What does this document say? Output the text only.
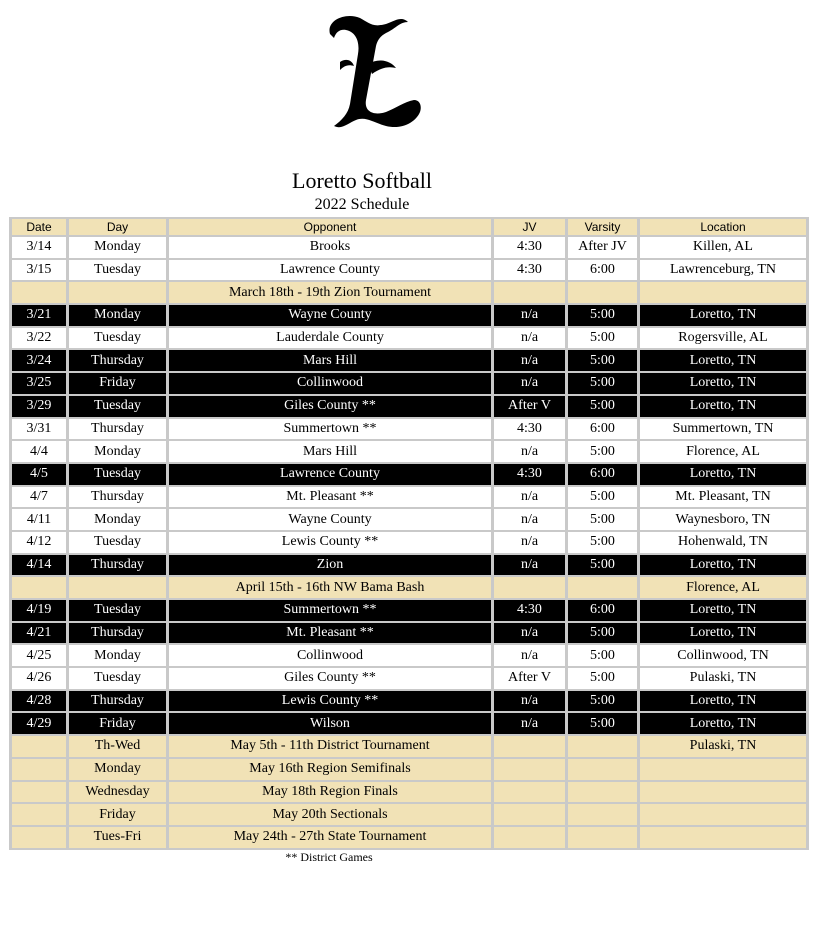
Loretto Softball
2022 Schedule
Date	Day	Opponent	JV	Varsity	Location
3/14	Monday	Brooks	4:30	After JV	Killen, AL
3/15	Tuesday	Lawrence County	4:30	6:00	Lawrenceburg, TN
		March 18th - 19th Zion Tournament			
3/21	Monday	Wayne County	n/a	5:00	Loretto, TN
3/22	Tuesday	Lauderdale County	n/a	5:00	Rogersville, AL
3/24	Thursday	Mars Hill	n/a	5:00	Loretto, TN
3/25	Friday	Collinwood	n/a	5:00	Loretto, TN
3/29	Tuesday	Giles County **	After V	5:00	Loretto, TN
3/31	Thursday	Summertown **	4:30	6:00	Summertown, TN
4/4	Monday	Mars Hill	n/a	5:00	Florence, AL
4/5	Tuesday	Lawrence County	4:30	6:00	Loretto, TN
4/7	Thursday	Mt. Pleasant **	n/a	5:00	Mt. Pleasant, TN
4/11	Monday	Wayne County	n/a	5:00	Waynesboro, TN
4/12	Tuesday	Lewis County **	n/a	5:00	Hohenwald, TN
4/14	Thursday	Zion	n/a	5:00	Loretto, TN
		April 15th - 16th NW Bama Bash			Florence, AL
4/19	Tuesday	Summertown **	4:30	6:00	Loretto, TN
4/21	Thursday	Mt. Pleasant **	n/a	5:00	Loretto, TN
4/25	Monday	Collinwood	n/a	5:00	Collinwood, TN
4/26	Tuesday	Giles County **	After V	5:00	Pulaski, TN
4/28	Thursday	Lewis County **	n/a	5:00	Loretto, TN
4/29	Friday	Wilson	n/a	5:00	Loretto, TN
	Th-Wed	May 5th - 11th District Tournament			Pulaski, TN
	Monday	May 16th Region Semifinals			
	Wednesday	May 18th Region Finals			
	Friday	May 20th Sectionals			
	Tues-Fri	May 24th - 27th State Tournament			
** District Games
